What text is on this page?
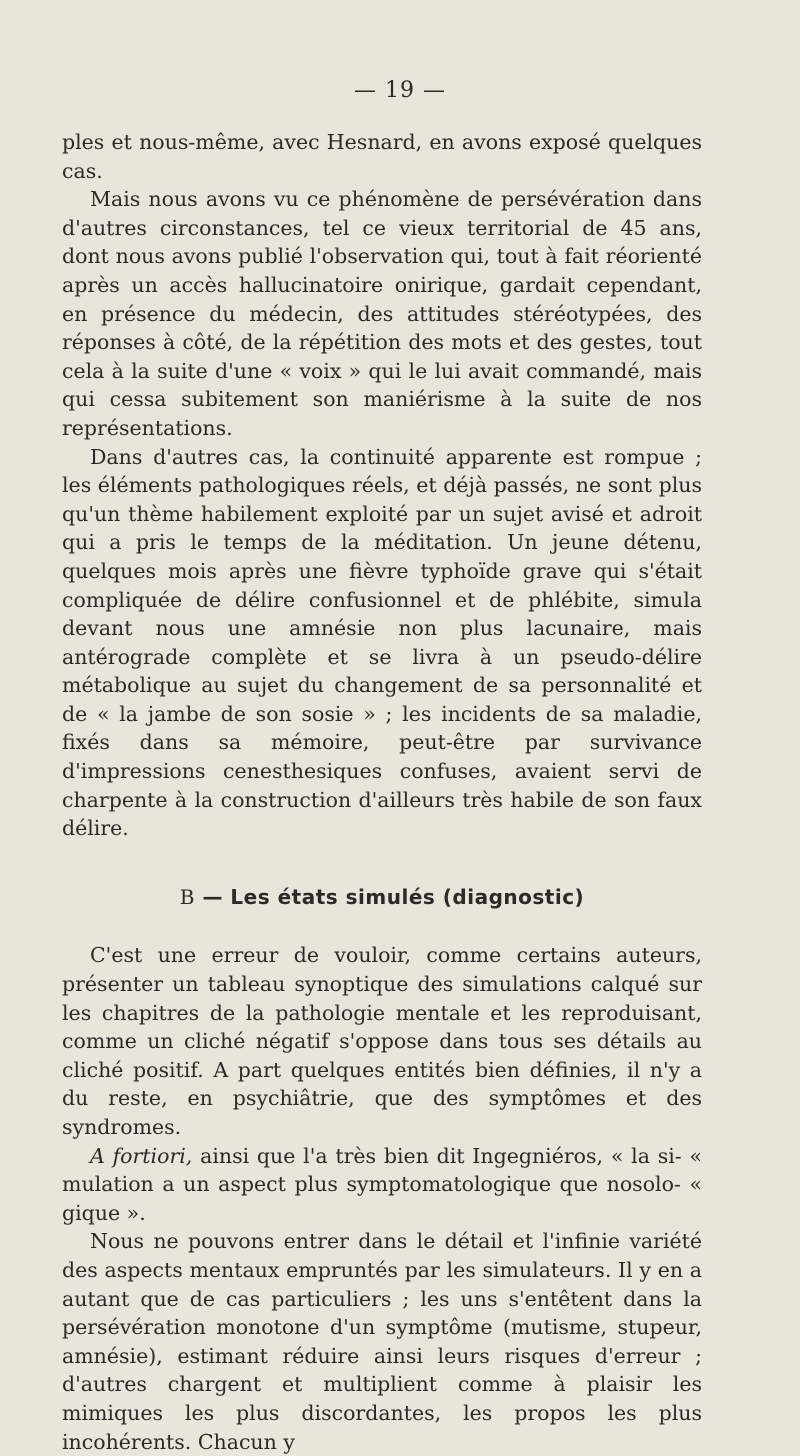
— 19 —

ples et nous-même, avec Hesnard, en avons exposé quelques cas.

Mais nous avons vu ce phénomène de persévération dans d'autres circonstances, tel ce vieux territorial de 45 ans, dont nous avons publié l'observation qui, tout à fait réorienté après un accès hallucinatoire onirique, gardait cependant, en présence du médecin, des attitudes stéréotypées, des réponses à côté, de la répétition des mots et des gestes, tout cela à la suite d'une « voix » qui le lui avait commandé, mais qui cessa subitement son maniérisme à la suite de nos représentations.

Dans d'autres cas, la continuité apparente est rompue ; les éléments pathologiques réels, et déjà passés, ne sont plus qu'un thème habilement exploité par un sujet avisé et adroit qui a pris le temps de la méditation. Un jeune détenu, quelques mois après une fièvre typhoïde grave qui s'était compliquée de délire confusionnel et de phlébite, simula devant nous une amnésie non plus lacunaire, mais antérograde complète et se livra à un pseudo-délire métabolique au sujet du changement de sa personnalité et de « la jambe de son sosie » ; les incidents de sa maladie, fixés dans sa mémoire, peut-être par survivance d'impressions cenesthesiques confuses, avaient servi de charpente à la construction d'ailleurs très habile de son faux délire.

B — Les états simulés (diagnostic)

C'est une erreur de vouloir, comme certains auteurs, présenter un tableau synoptique des simulations calqué sur les chapitres de la pathologie mentale et les reproduisant, comme un cliché négatif s'oppose dans tous ses détails au cliché positif. A part quelques entités bien définies, il n'y a du reste, en psychiâtrie, que des symptômes et des syndromes.

A fortiori, ainsi que l'a très bien dit Ingegniéros, « la si- « mulation a un aspect plus symptomatologique que nosolo- « gique ».

Nous ne pouvons entrer dans le détail et l'infinie variété des aspects mentaux empruntés par les simulateurs. Il y en a autant que de cas particuliers ; les uns s'entêtent dans la persévération monotone d'un symptôme (mutisme, stupeur, amnésie), estimant réduire ainsi leurs risques d'erreur ; d'autres chargent et multiplient comme à plaisir les mimiques les plus discordantes, les propos les plus incohérents. Chacun y
